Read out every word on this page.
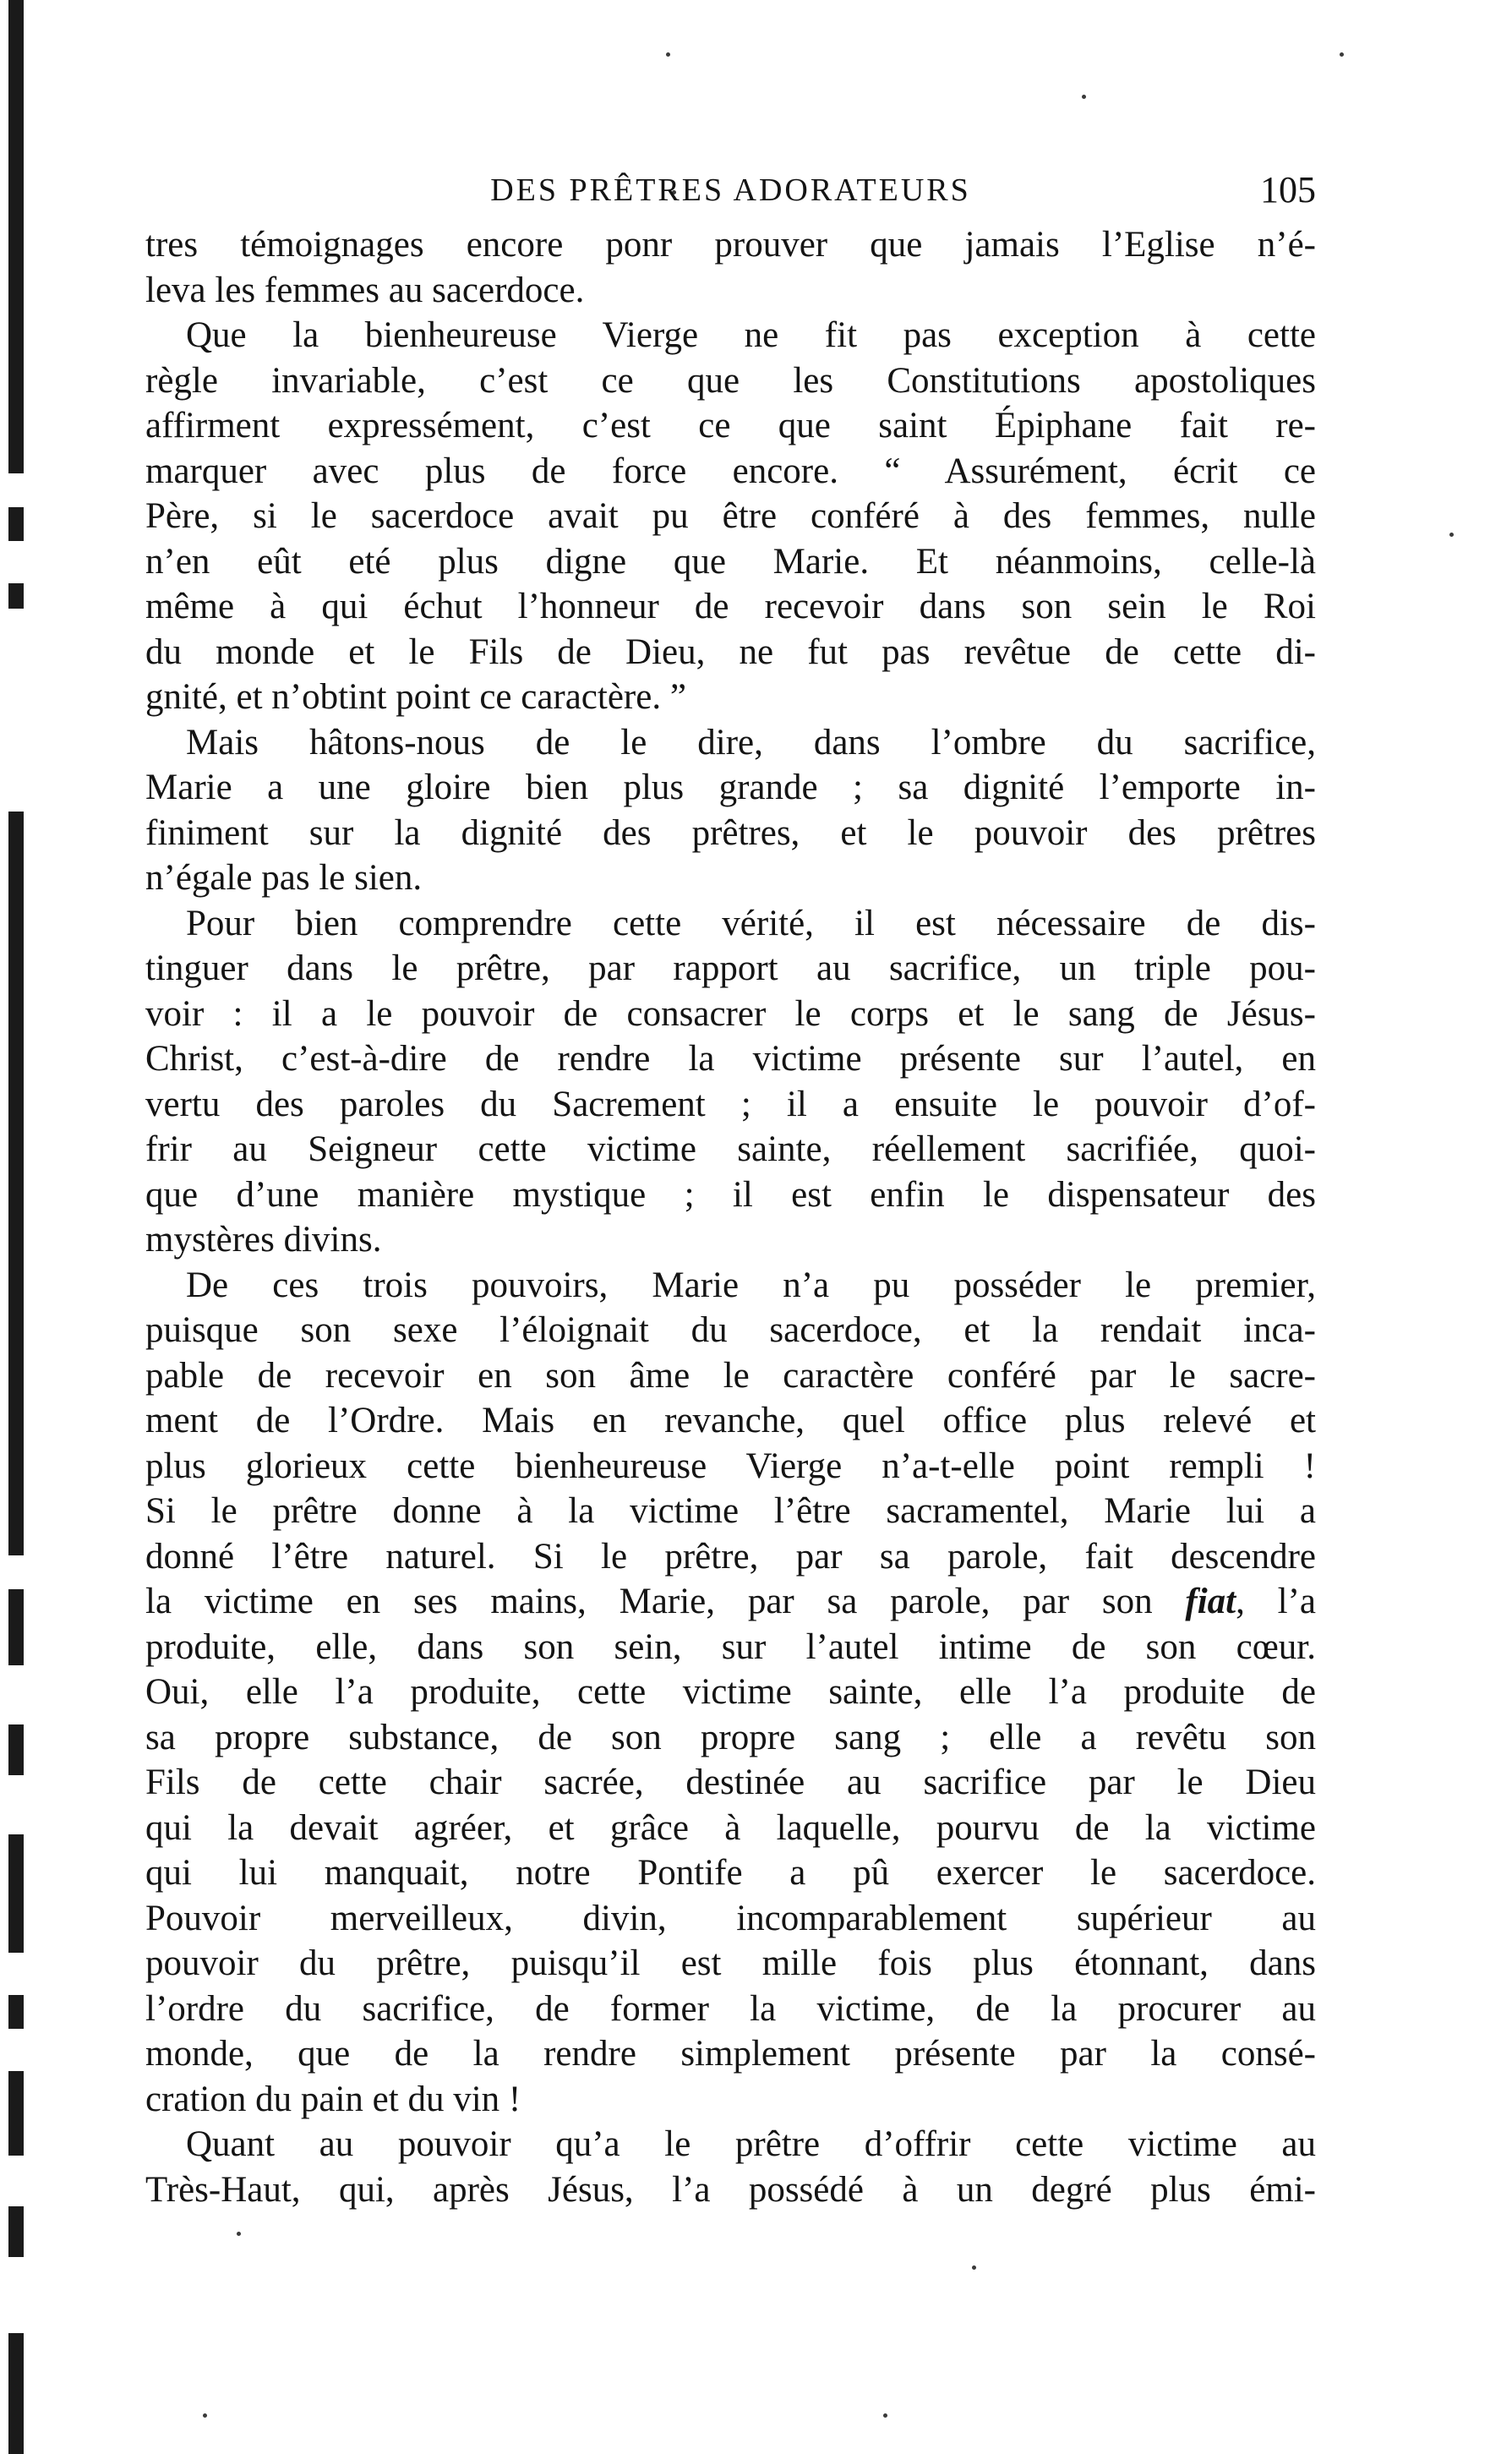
DES PRÊTRES ADORATEURS	105

tres témoignages encore ponr prouver que jamais l’Eglise n’é-
leva les femmes au sacerdoce.

Que la bienheureuse Vierge ne fit pas exception à cette
règle invariable, c’est ce que les Constitutions apostoliques
affirment expressément, c’est ce que saint Épiphane fait re-
marquer avec plus de force encore. “ Assurément, écrit ce
Père, si le sacerdoce avait pu être conféré à des femmes, nulle
n’en eût eté plus digne que Marie. Et néanmoins, celle-là
même à qui échut l’honneur de recevoir dans son sein le Roi
du monde et le Fils de Dieu, ne fut pas revêtue de cette di-
gnité, et n’obtint point ce caractère. ”

Mais hâtons-nous de le dire, dans l’ombre du sacrifice,
Marie a une gloire bien plus grande ; sa dignité l’emporte in-
finiment sur la dignité des prêtres, et le pouvoir des prêtres
n’égale pas le sien.

Pour bien comprendre cette vérité, il est nécessaire de dis-
tinguer dans le prêtre, par rapport au sacrifice, un triple pou-
voir : il a le pouvoir de consacrer le corps et le sang de Jésus-
Christ, c’est-à-dire de rendre la victime présente sur l’autel, en
vertu des paroles du Sacrement ; il a ensuite le pouvoir d’of-
frir au Seigneur cette victime sainte, réellement sacrifiée, quoi-
que d’une manière mystique ; il est enfin le dispensateur des
mystères divins.

De ces trois pouvoirs, Marie n’a pu posséder le premier,
puisque son sexe l’éloignait du sacerdoce, et la rendait inca-
pable de recevoir en son âme le caractère conféré par le sacre-
ment de l’Ordre. Mais en revanche, quel office plus relevé et
plus glorieux cette bienheureuse Vierge n’a-t-elle point rempli !
Si le prêtre donne à la victime l’être sacramentel, Marie lui a
donné l’être naturel. Si le prêtre, par sa parole, fait descendre
la victime en ses mains, Marie, par sa parole, par son fiat, l’a
produite, elle, dans son sein, sur l’autel intime de son cœur.
Oui, elle l’a produite, cette victime sainte, elle l’a produite de
sa propre substance, de son propre sang ; elle a revêtu son
Fils de cette chair sacrée, destinée au sacrifice par le Dieu
qui la devait agréer, et grâce à laquelle, pourvu de la victime
qui lui manquait, notre Pontife a pû exercer le sacerdoce.
Pouvoir merveilleux, divin, incomparablement supérieur au
pouvoir du prêtre, puisqu’il est mille fois plus étonnant, dans
l’ordre du sacrifice, de former la victime, de la procurer au
monde, que de la rendre simplement présente par la consé-
cration du pain et du vin !

Quant au pouvoir qu’a le prêtre d’offrir cette victime au
Très-Haut, qui, après Jésus, l’a possédé à un degré plus émi-
